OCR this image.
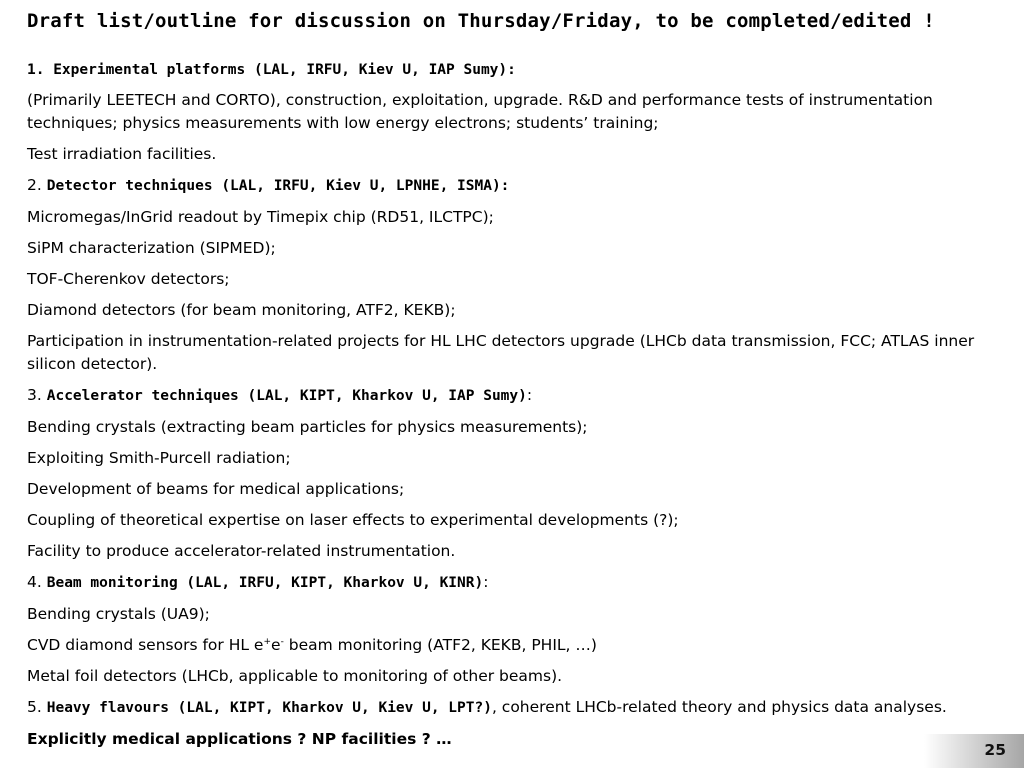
Draft list/outline for discussion on Thursday/Friday, to be completed/edited !

1. Experimental platforms (LAL, IRFU, Kiev U, IAP Sumy):

(Primarily LEETECH and CORTO), construction, exploitation, upgrade. R&D and performance tests of instrumentation techniques; physics measurements with low energy electrons; students’ training;

Test irradiation facilities.

2. Detector techniques (LAL, IRFU, Kiev U, LPNHE, ISMA):

Micromegas/InGrid readout by Timepix chip (RD51, ILCTPC);

SiPM characterization (SIPMED);

TOF-Cherenkov detectors;

Diamond detectors (for beam monitoring, ATF2, KEKB);

Participation in instrumentation-related projects for HL LHC detectors upgrade (LHCb data transmission, FCC; ATLAS inner silicon detector).

3. Accelerator techniques (LAL, KIPT, Kharkov U, IAP Sumy):

Bending crystals (extracting beam particles for physics measurements);

Exploiting Smith-Purcell radiation;

Development of beams for medical applications;

Coupling of theoretical expertise on laser effects to experimental developments (?);

Facility to produce accelerator-related instrumentation.

4. Beam monitoring (LAL, IRFU, KIPT, Kharkov U, KINR):

Bending crystals (UA9);

CVD diamond sensors for HL e+e- beam monitoring (ATF2, KEKB, PHIL, …)

Metal foil detectors (LHCb, applicable to monitoring of other beams).

5. Heavy flavours (LAL, KIPT, Kharkov U, Kiev U, LPT?), coherent LHCb-related theory and physics data analyses.

Explicitly medical applications ? NP facilities ? …

25
